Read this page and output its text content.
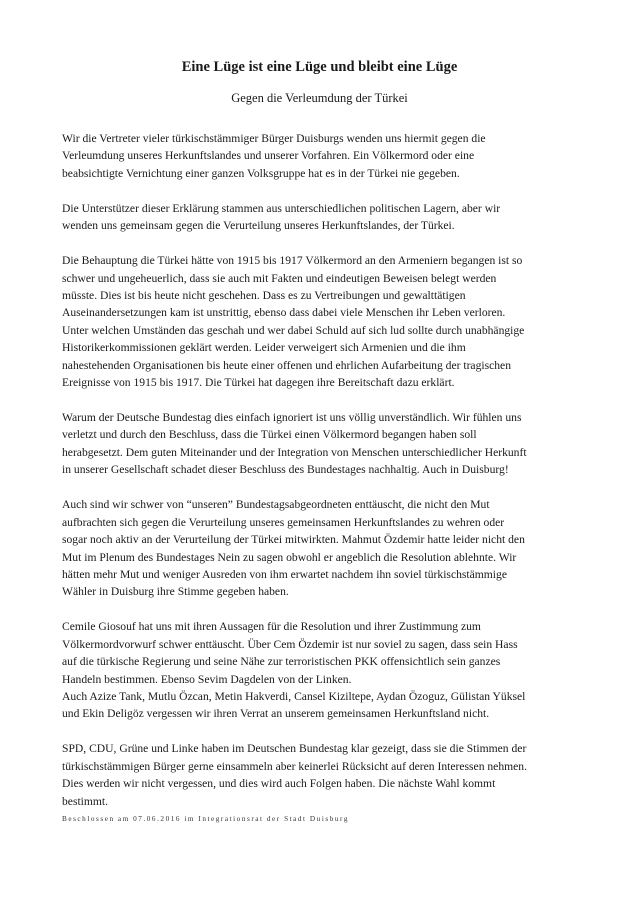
Eine Lüge ist eine Lüge und bleibt eine Lüge
Gegen die Verleumdung der Türkei

Wir die Vertreter vieler türkischstämmiger Bürger Duisburgs wenden uns hiermit gegen die
Verleumdung unseres Herkunftslandes und unserer Vorfahren. Ein Völkermord oder eine
beabsichtigte Vernichtung einer ganzen Volksgruppe hat es in der Türkei nie gegeben.

Die Unterstützer dieser Erklärung stammen aus unterschiedlichen politischen Lagern, aber wir
wenden uns gemeinsam gegen die Verurteilung unseres Herkunftslandes, der Türkei.

Die Behauptung die Türkei hätte von 1915 bis 1917 Völkermord an den Armeniern begangen ist so
schwer und ungeheuerlich, dass sie auch mit Fakten und eindeutigen Beweisen belegt werden
müsste. Dies ist bis heute nicht geschehen. Dass es zu Vertreibungen und gewalttätigen
Auseinandersetzungen kam ist unstrittig, ebenso dass dabei viele Menschen ihr Leben verloren.
Unter welchen Umständen das geschah und wer dabei Schuld auf sich lud sollte durch unabhängige
Historikerkommissionen geklärt werden. Leider verweigert sich Armenien und die ihm
nahestehenden Organisationen bis heute einer offenen und ehrlichen Aufarbeitung der tragischen
Ereignisse von 1915 bis 1917. Die Türkei hat dagegen ihre Bereitschaft dazu erklärt.

Warum der Deutsche Bundestag dies einfach ignoriert ist uns völlig unverständlich. Wir fühlen uns
verletzt und durch den Beschluss, dass die Türkei einen Völkermord begangen haben soll
herabgesetzt. Dem guten Miteinander und der Integration von Menschen unterschiedlicher Herkunft
in unserer Gesellschaft schadet dieser Beschluss des Bundestages nachhaltig. Auch in Duisburg!

Auch sind wir schwer von “unseren” Bundestagsabgeordneten enttäuscht, die nicht den Mut
aufbrachten sich gegen die Verurteilung unseres gemeinsamen Herkunftslandes zu wehren oder
sogar noch aktiv an der Verurteilung der Türkei mitwirkten. Mahmut Özdemir hatte leider nicht den
Mut im Plenum des Bundestages Nein zu sagen obwohl er angeblich die Resolution ablehnte. Wir
hätten mehr Mut und weniger Ausreden von ihm erwartet nachdem ihn soviel türkischstämmige
Wähler in Duisburg ihre Stimme gegeben haben.

Cemile Giosouf hat uns mit ihren Aussagen für die Resolution und ihrer Zustimmung zum
Völkermordvorwurf schwer enttäuscht. Über Cem Özdemir ist nur soviel zu sagen, dass sein Hass
auf die türkische Regierung und seine Nähe zur terroristischen PKK offensichtlich sein ganzes
Handeln bestimmen. Ebenso Sevim Dagdelen von der Linken.
Auch Azize Tank, Mutlu Özcan, Metin Hakverdi, Cansel Kiziltepe, Aydan Özoguz, Gülistan Yüksel
und Ekin Deligöz vergessen wir ihren Verrat an unserem gemeinsamen Herkunftsland nicht.

SPD, CDU, Grüne und Linke haben im Deutschen Bundestag klar gezeigt, dass sie die Stimmen der
türkischstämmigen Bürger gerne einsammeln aber keinerlei Rücksicht auf deren Interessen nehmen.
Dies werden wir nicht vergessen, und dies wird auch Folgen haben. Die nächste Wahl kommt
bestimmt.

Beschlossen am 07.06.2016 im Integrationsrat der Stadt Duisburg
